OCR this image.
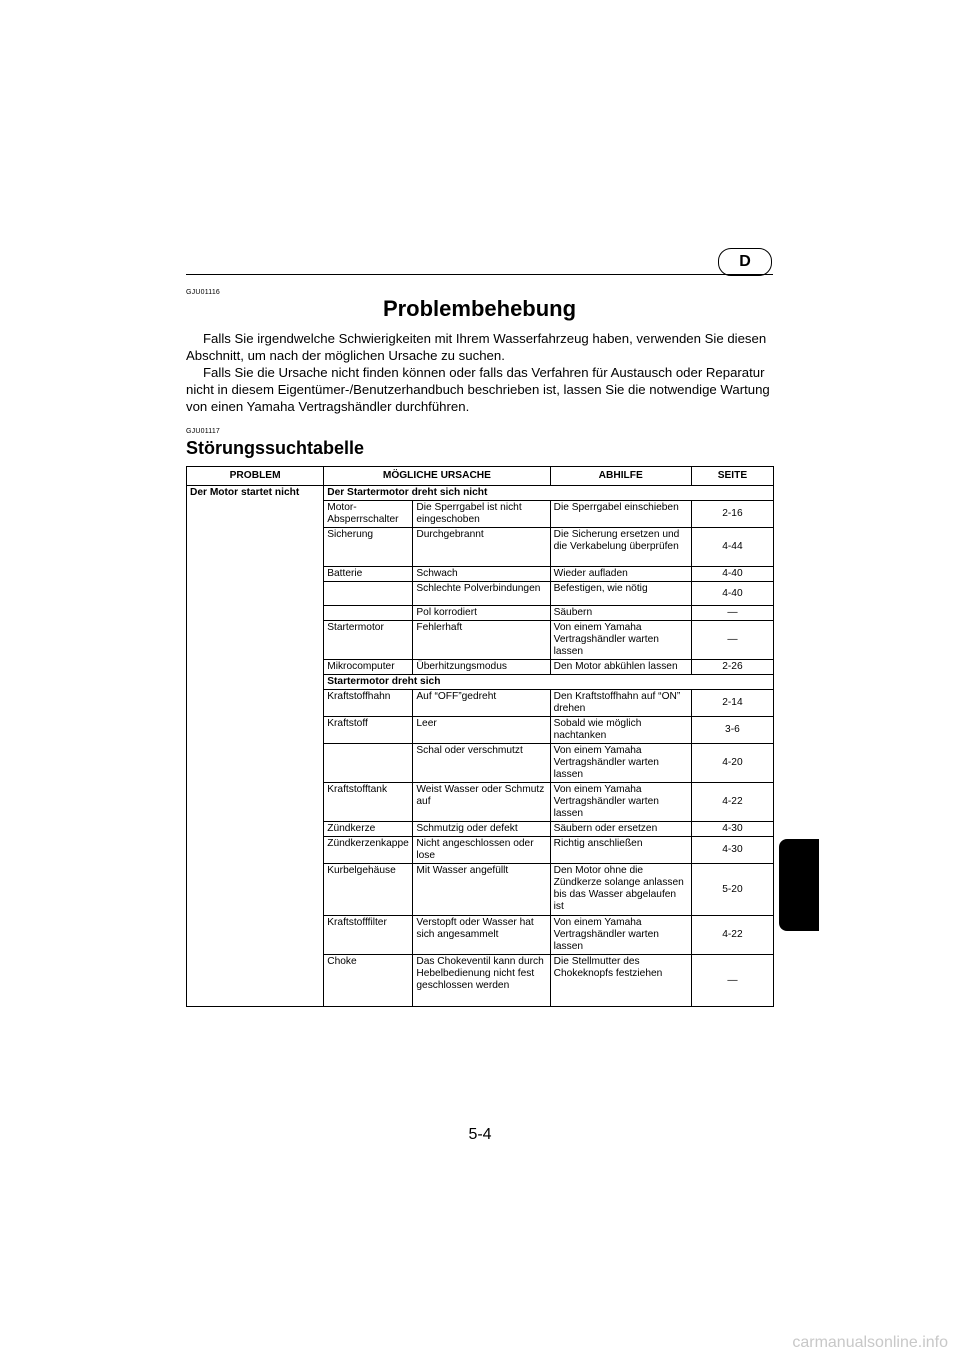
D
GJU01116
Problembehebung

Falls Sie irgendwelche Schwierigkeiten mit Ihrem Wasserfahrzeug haben, verwenden Sie diesen Abschnitt, um nach der möglichen Ursache zu suchen.

Falls Sie die Ursache nicht finden können oder falls das Verfahren für Austausch oder Reparatur nicht in diesem Eigentümer-/Benutzerhandbuch beschrieben ist, lassen Sie die notwendige Wartung von einen Yamaha Vertragshändler durchführen.

GJU01117
Störungssuchtabelle
PROBLEM	MÖGLICHE URSACHE		ABHILFE	SEITE
Der Motor startet nicht	Der Startermotor dreht sich nicht			
	Motor-Absperrschalter	Die Sperrgabel ist nicht eingeschoben	Die Sperrgabel einschieben	2-16
	Sicherung	Durchgebrannt	Die Sicherung ersetzen und die Verkabelung überprüfen	4-44
	Batterie	Schwach	Wieder aufladen	4-40
		Schlechte Polverbindungen	Befestigen, wie nötig	4-40
		Pol korrodiert	Säubern	—
	Startermotor	Fehlerhaft	Von einem Yamaha Vertragshändler warten lassen	—
	Mikrocomputer	Überhitzungsmodus	Den Motor abkühlen lassen	2-26
	Startermotor dreht sich			
	Kraftstoffhahn	Auf “OFF”gedreht	Den Kraftstoffhahn auf “ON” drehen	2-14
	Kraftstoff	Leer	Sobald wie möglich nachtanken	3-6
		Schal oder verschmutzt	Von einem Yamaha Vertragshändler warten lassen	4-20
	Kraftstofftank	Weist Wasser oder Schmutz auf	Von einem Yamaha Vertragshändler warten lassen	4-22
	Zündkerze	Schmutzig oder defekt	Säubern oder ersetzen	4-30
	Zündkerzenkappe	Nicht angeschlossen oder lose	Richtig anschließen	4-30
	Kurbelgehäuse	Mit Wasser angefüllt	Den Motor ohne die Zündkerze solange anlassen bis das Wasser abgelaufen ist	5-20
	Kraftstofffilter	Verstopft oder Wasser hat sich angesammelt	Von einem Yamaha Vertragshändler warten lassen	4-22
	Choke	Das Chokeventil kann durch Hebelbedienung nicht fest geschlossen werden	Die Stellmutter des Chokeknopfs festziehen	—
5-4
carmanualsonline.info
